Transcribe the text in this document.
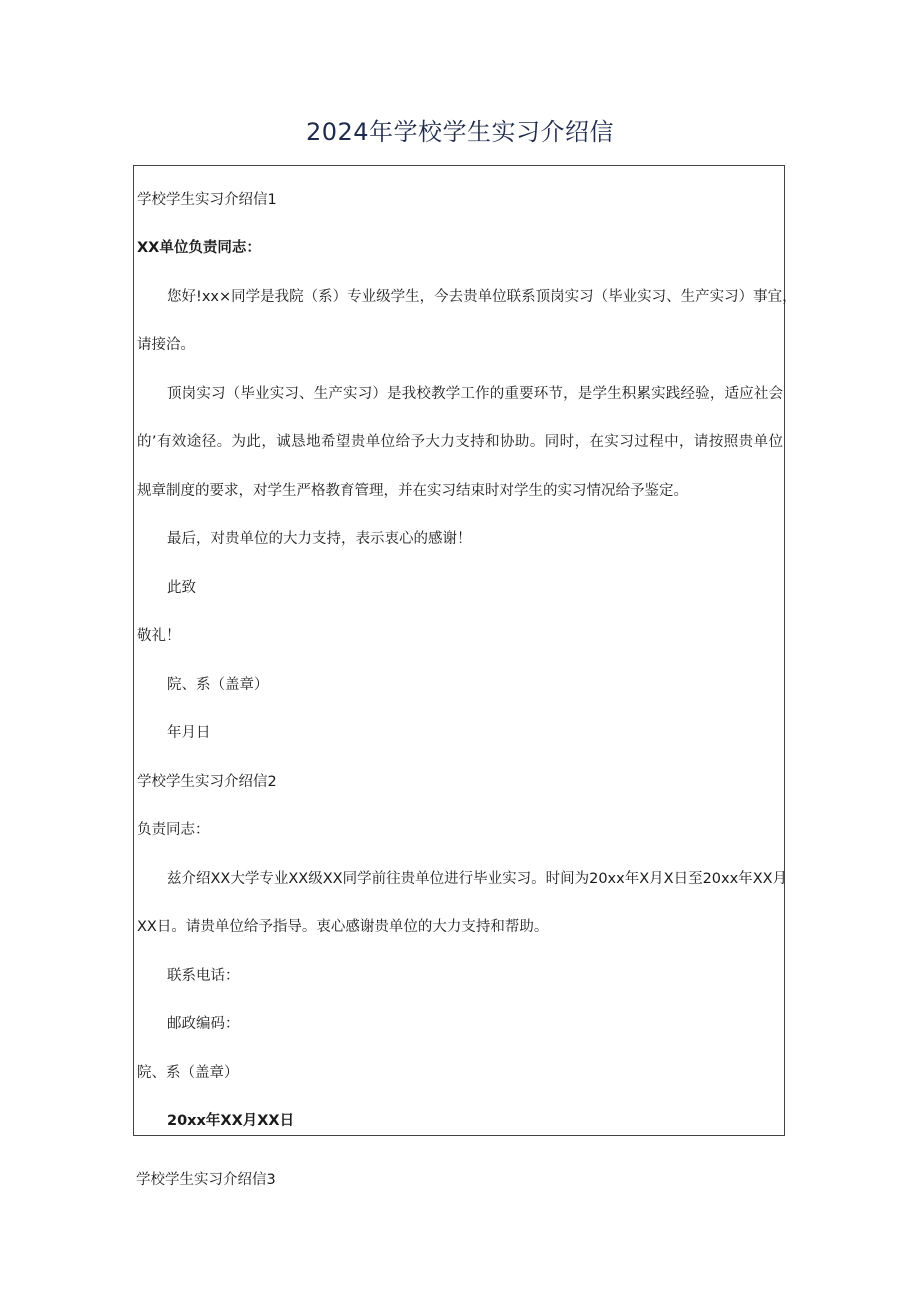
2024年学校学生实习介绍信
学校学生实习介绍信1
XX单位负责同志：
您好!xx×同学是我院（系）专业级学生，今去贵单位联系顶岗实习（毕业实习、生产实习）事宜，
请接洽。
顶岗实习（毕业实习、生产实习）是我校教学工作的重要环节，是学生积累实践经验，适应社会
的’有效途径。为此，诚恳地希望贵单位给予大力支持和协助。同时，在实习过程中，请按照贵单位
规章制度的要求，对学生严格教育管理，并在实习结束时对学生的实习情况给予鉴定。
最后，对贵单位的大力支持，表示衷心的感谢！
此致
敬礼！
院、系（盖章）
年月日
学校学生实习介绍信2
负责同志：
兹介绍XX大学专业XX级XX同学前往贵单位进行毕业实习。时间为20xx年X月X日至20xx年XX月
XX日。请贵单位给予指导。衷心感谢贵单位的大力支持和帮助。
联系电话：
邮政编码：
院、系（盖章）
20xx年XX月XX日
学校学生实习介绍信3
